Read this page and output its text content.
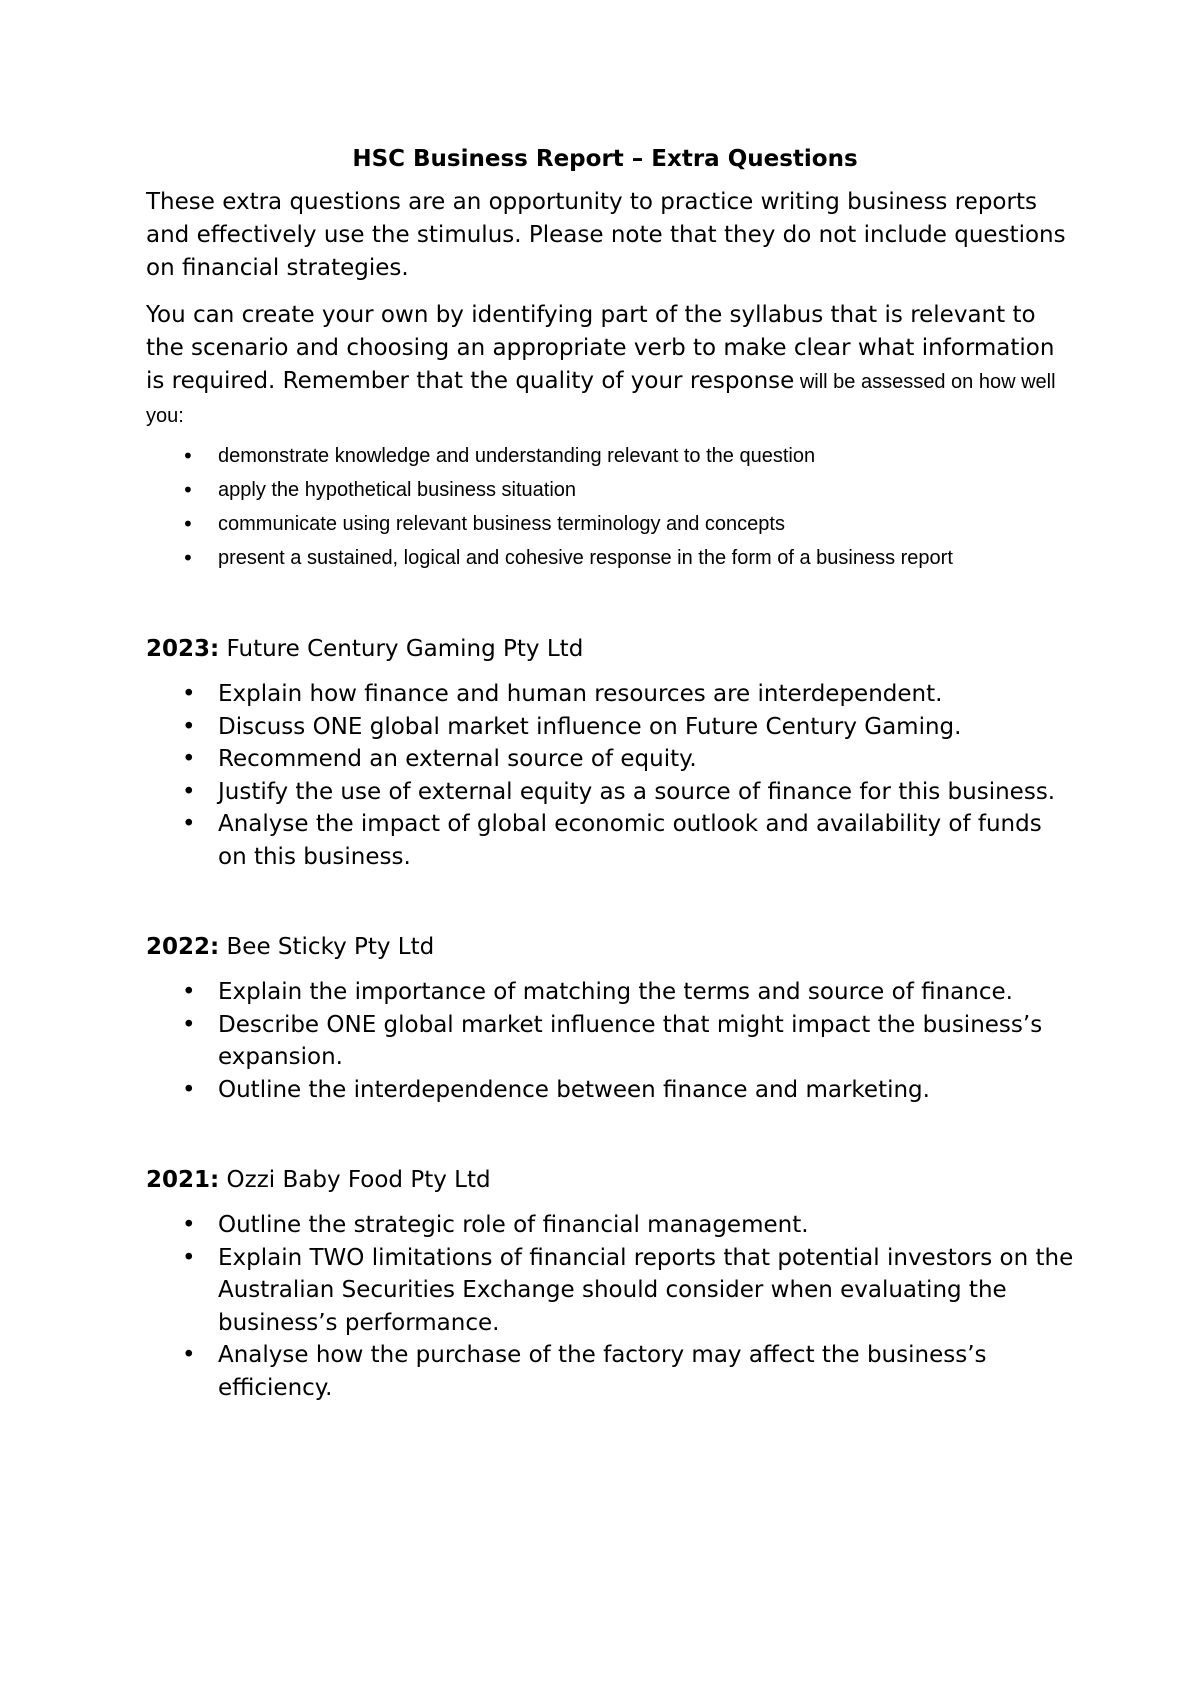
HSC Business Report – Extra Questions

These extra questions are an opportunity to practice writing business reports and effectively use the stimulus. Please note that they do not include questions on financial strategies.

You can create your own by identifying part of the syllabus that is relevant to the scenario and choosing an appropriate verb to make clear what information is required. Remember that the quality of your response will be assessed on how well you:

• demonstrate knowledge and understanding relevant to the question
• apply the hypothetical business situation
• communicate using relevant business terminology and concepts
• present a sustained, logical and cohesive response in the form of a business report
2023: Future Century Gaming Pty Ltd
• Explain how finance and human resources are interdependent.
• Discuss ONE global market influence on Future Century Gaming.
• Recommend an external source of equity.
• Justify the use of external equity as a source of finance for this business.
• Analyse the impact of global economic outlook and availability of funds on this business.
2022: Bee Sticky Pty Ltd
• Explain the importance of matching the terms and source of finance.
• Describe ONE global market influence that might impact the business’s expansion.
• Outline the interdependence between finance and marketing.
2021: Ozzi Baby Food Pty Ltd
• Outline the strategic role of financial management.
• Explain TWO limitations of financial reports that potential investors on the Australian Securities Exchange should consider when evaluating the business’s performance.
• Analyse how the purchase of the factory may affect the business’s efficiency.
